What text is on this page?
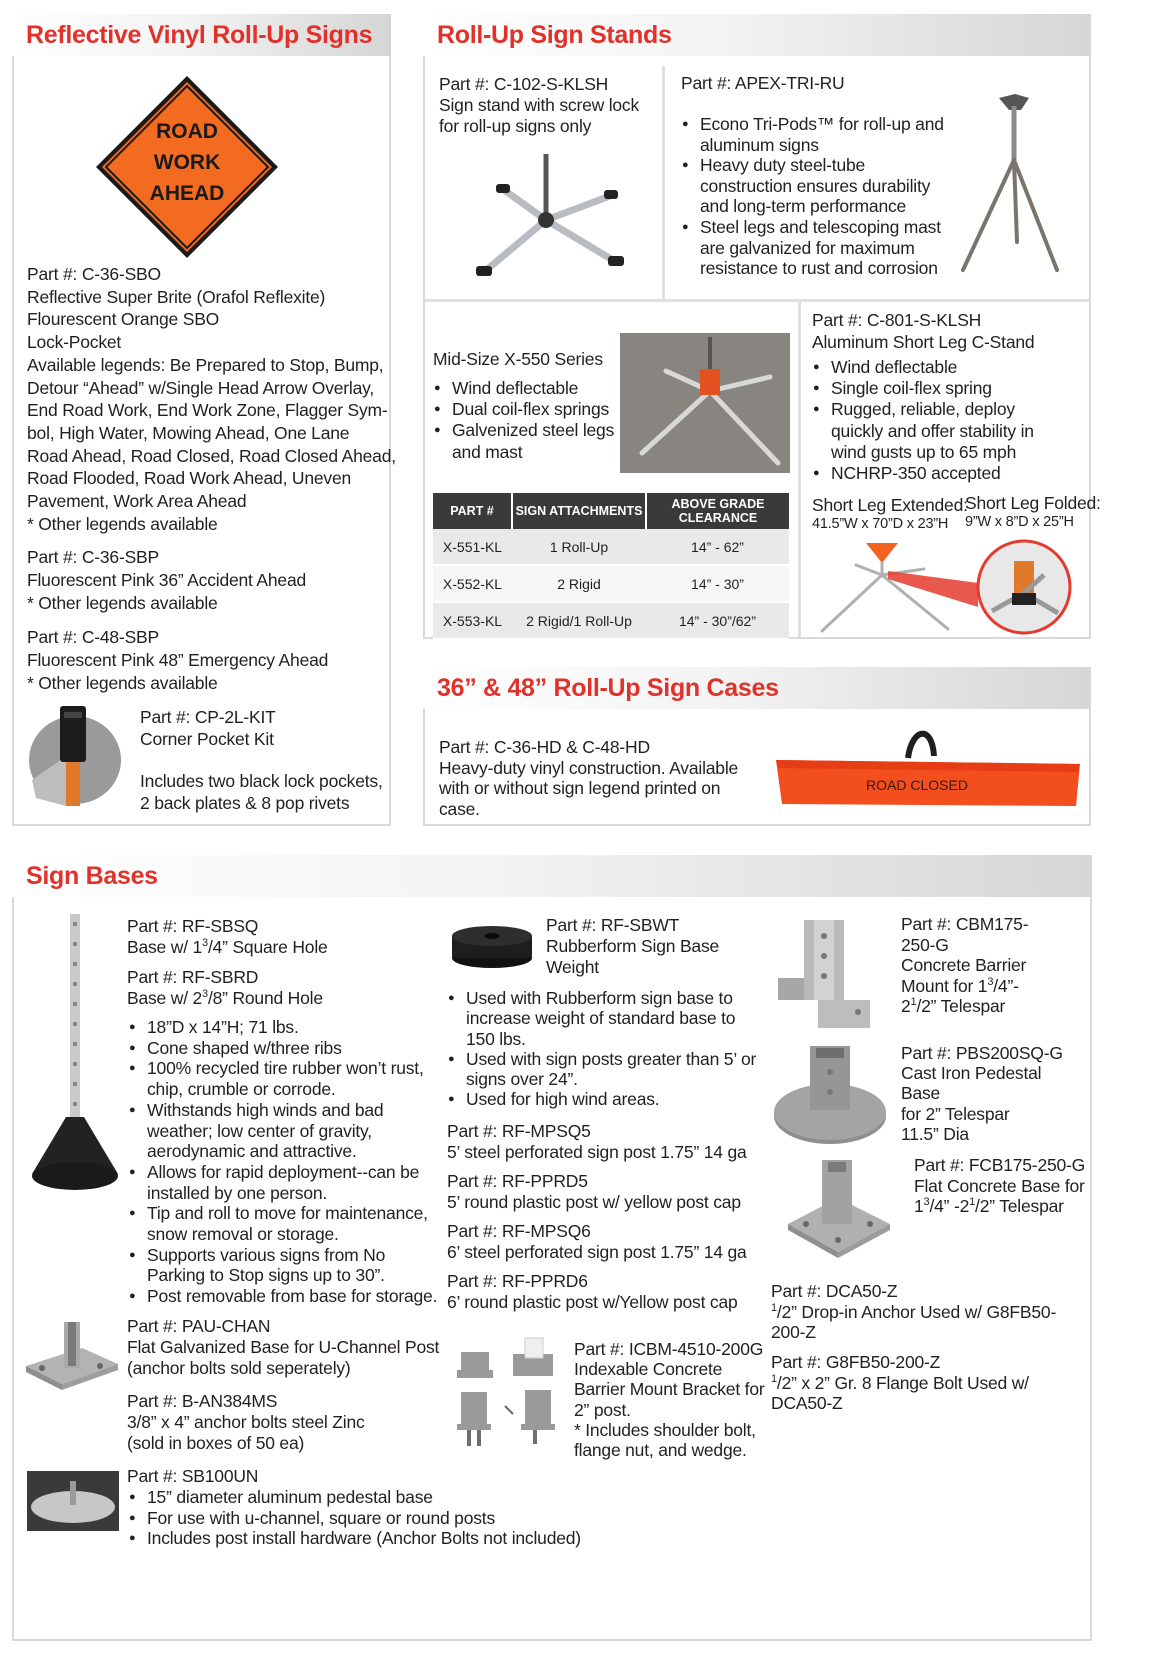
Reflective Vinyl Roll-Up Signs
ROAD
WORK
AHEAD
Part #: C-36-SBO
Reflective Super Brite (Orafol Reflexite)
Flourescent Orange SBO
Lock-Pocket
Available legends: Be Prepared to Stop, Bump,
Detour “Ahead” w/Single Head Arrow Overlay,
End Road Work, End Work Zone, Flagger Sym-
bol, High Water, Mowing Ahead, One Lane
Road Ahead, Road Closed, Road Closed Ahead,
Road Flooded, Road Work Ahead, Uneven
Pavement, Work Area Ahead
* Other legends available
Part #: C-36-SBP
Fluorescent Pink 36” Accident Ahead
* Other legends available
Part #: C-48-SBP
Fluorescent Pink 48” Emergency Ahead
* Other legends available
Part #: CP-2L-KIT
Corner Pocket Kit
Includes two black lock pockets,
2 back plates & 8 pop rivets
Roll-Up Sign Stands
Part #: C-102-S-KLSH
Sign stand with screw lock
for roll-up signs only
Part #: APEX-TRI-RU
● Econo Tri-Pods™ for roll-up and
aluminum signs
● Heavy duty steel-tube
construction ensures durability
and long-term performance
● Steel legs and telescoping mast
are galvanized for maximum
resistance to rust and corrosion
Mid-Size X-550 Series
● Wind deflectable
● Dual coil-flex springs
● Galvenized steel legs
and mast
PART #	SIGN ATTACHMENTS	ABOVE GRADE CLEARANCE
X-551-KL	1 Roll-Up	14” - 62”
X-552-KL	2 Rigid	14” - 30”
X-553-KL	2 Rigid/1 Roll-Up	14” - 30”/62”
Part #: C-801-S-KLSH
Aluminum Short Leg C-Stand
● Wind deflectable
● Single coil-flex spring
● Rugged, reliable, deploy
quickly and offer stability in
wind gusts up to 65 mph
● NCHRP-350 accepted
Short Leg Extended:
41.5”W x 70”D x 23”H
Short Leg Folded:
9”W x 8”D x 25”H
36” & 48” Roll-Up Sign Cases
Part #: C-36-HD & C-48-HD
Heavy-duty vinyl construction. Available
with or without sign legend printed on
case.
ROAD CLOSED
Sign Bases
Part #: RF-SBSQ
Base w/ $1^3/4$” Square Hole
Part #: RF-SBRD
Base w/ $2^3/8$” Round Hole
● 18”D x 14”H; 71 lbs.
● Cone shaped w/three ribs
● 100% recycled tire rubber won’t rust,
chip, crumble or corrode.
● Withstands high winds and bad
weather; low center of gravity,
aerodynamic and attractive.
● Allows for rapid deployment--can be
installed by one person.
● Tip and roll to move for maintenance,
snow removal or storage.
● Supports various signs from No
Parking to Stop signs up to 30”.
● Post removable from base for storage.
Part #: PAU-CHAN
Flat Galvanized Base for U-Channel Post
(anchor bolts sold seperately)
Part #: B-AN384MS
3/8” x 4” anchor bolts steel Zinc
(sold in boxes of 50 ea)
Part #: SB100UN
● 15” diameter aluminum pedestal base
● For use with u-channel, square or round posts
● Includes post install hardware (Anchor Bolts not included)
Part #: RF-SBWT
Rubberform Sign Base
Weight
● Used with Rubberform sign base to
increase weight of standard base to
150 lbs.
● Used with sign posts greater than 5’ or
signs over 24”.
● Used for high wind areas.
Part #: RF-MPSQ5
5’ steel perforated sign post 1.75” 14 ga
Part #: RF-PPRD5
5’ round plastic post w/ yellow post cap
Part #: RF-MPSQ6
6’ steel perforated sign post 1.75” 14 ga
Part #: RF-PPRD6
6’ round plastic post w/Yellow post cap
Part #: ICBM-4510-200G
Indexable Concrete
Barrier Mount Bracket for
2” post.
* Includes shoulder bolt,
flange nut, and wedge.
Part #: CBM175-
250-G
Concrete Barrier
Mount for $1^3/4”-$
$2^1/2$” Telespar
Part #: PBS200SQ-G
Cast Iron Pedestal
Base
for 2” Telespar
11.5” Dia
Part #: FCB175-250-G
Flat Concrete Base for
$1^3/4$” $-2^1/2$” Telespar
Part #: DCA50-Z
$^1$/2” Drop-in Anchor Used w/ G8FB50-
200-Z
Part #: G8FB50-200-Z
$^1$/2” x 2” Gr. 8 Flange Bolt Used w/
DCA50-Z
